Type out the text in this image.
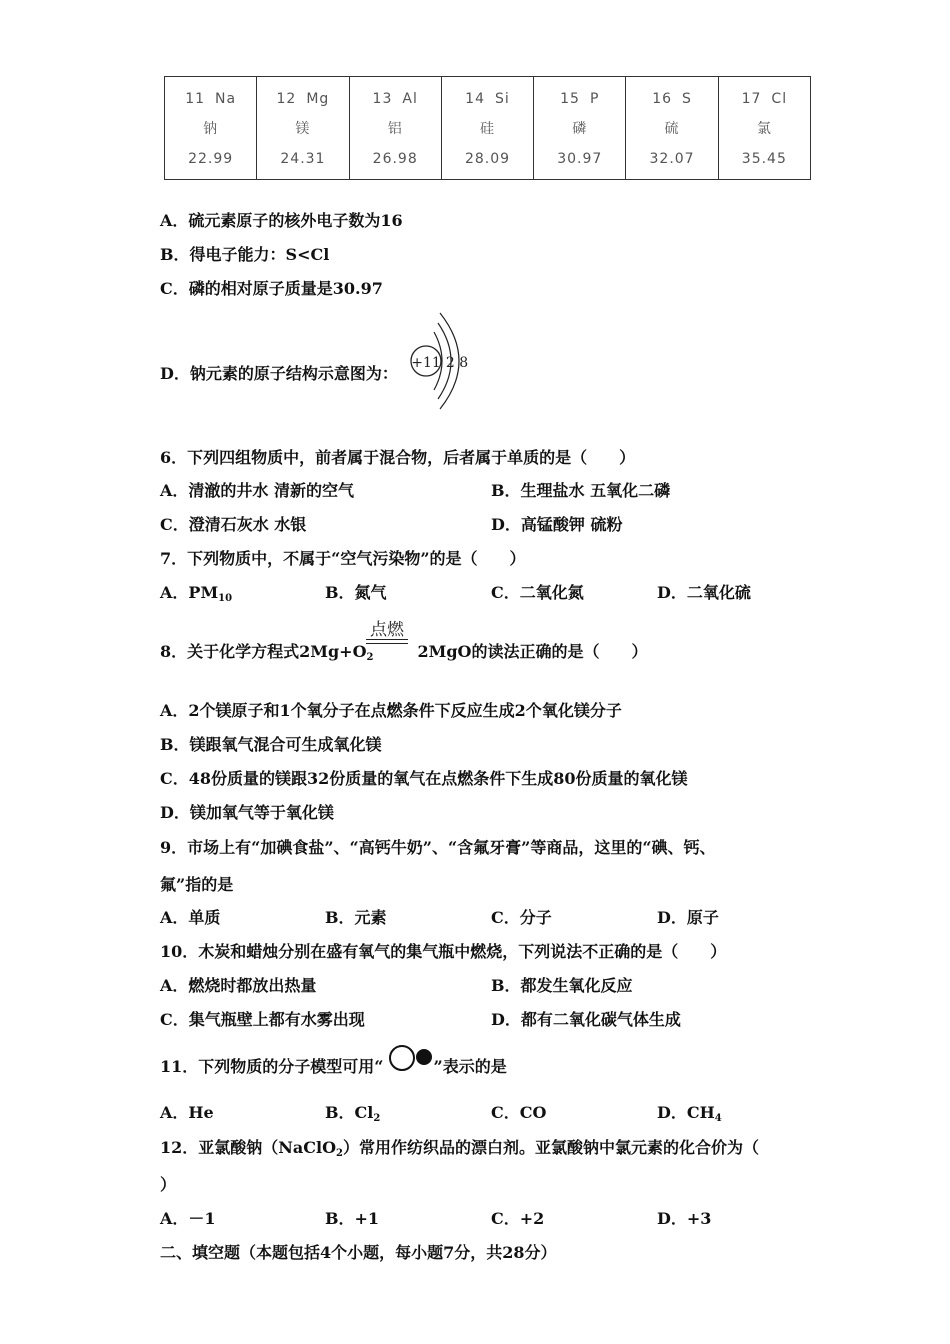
11 Na
钠
22.99

12 Mg
镁
24.31

13 Al
铝
26.98

14 Si
硅
28.09

15 P
磷
30.97

16 S
硫
32.07

17 Cl
氯
35.45
A．硫元素原子的核外电子数为16
B．得电子能力：S<Cl
C．磷的相对原子质量是30.97
D．钠元素的原子结构示意图为：
+11 2 8
6．下列四组物质中，前者属于混合物，后者属于单质的是（　　）
A．清澈的井水 清新的空气	B．生理盐水 五氧化二磷
C．澄清石灰水 水银	D．高锰酸钾 硫粉
7．下列物质中，不属于“空气污染物”的是（　　）
A．$PM_{10}$	B．氮气	C．二氧化氮	D．二氧化硫
8．关于化学方程式$2Mg+O_2$	2MgO的读法正确的是（　　）
点燃
A．2个镁原子和1个氧分子在点燃条件下反应生成2个氧化镁分子
B．镁跟氧气混合可生成氧化镁
C．48份质量的镁跟32份质量的氧气在点燃条件下生成80份质量的氧化镁
D．镁加氧气等于氧化镁
9．市场上有“加碘食盐”、“高钙牛奶”、“含氟牙膏”等商品，这里的“碘、钙、
氟”指的是
A．单质	B．元素	C．分子	D．原子
10．木炭和蜡烛分别在盛有氧气的集气瓶中燃烧，下列说法不正确的是（　　）
A．燃烧时都放出热量	B．都发生氧化反应
C．集气瓶壁上都有水雾出现	D．都有二氧化碳气体生成
11．下列物质的分子模型可用“	”表示的是
A．He	B．$Cl_2$	C．CO	D．$CH_4$
12．亚氯酸钠（NaClO$_2$）常用作纺织品的漂白剂。亚氯酸钠中氯元素的化合价为（
）
A．－1	B．+1	C．+2	D．+3
二、填空题（本题包括4个小题，每小题7分，共28分）
